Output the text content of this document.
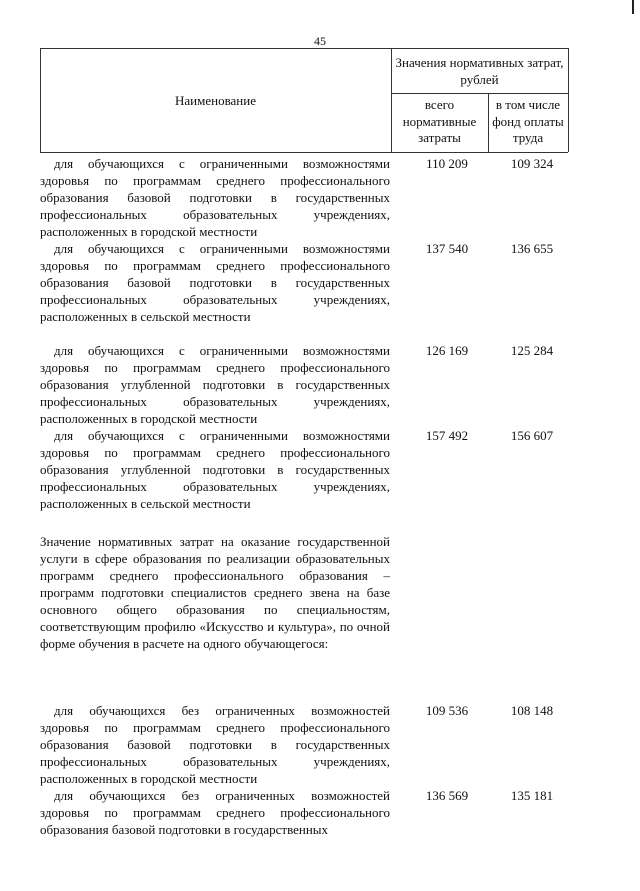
45
Наименование
Значения нормативных затрат, рублей
всего нормативные затраты
в том числе фонд оплаты труда
для обучающихся с ограниченными возможностями здоровья по программам среднего профессионального образования базовой подготовки в государственных профессиональных образовательных учреждениях, расположенных в городской местности
110 209	109 324
для обучающихся с ограниченными возможностями здоровья по программам среднего профессионального образования базовой подготовки в государственных профессиональных образовательных учреждениях, расположенных в сельской местности
137 540	136 655
для обучающихся с ограниченными возможностями здоровья по программам среднего профессионального образования углубленной подготовки в государственных профессиональных образовательных учреждениях, расположенных в городской местности
126 169	125 284
для обучающихся с ограниченными возможностями здоровья по программам среднего профессионального образования углубленной подготовки в государственных профессиональных образовательных учреждениях, расположенных в сельской местности
157 492	156 607
Значение нормативных затрат на оказание государственной услуги в сфере образования по реализации образовательных программ среднего профессионального образования – программ подготовки специалистов среднего звена на базе основного общего образования по специальностям, соответствующим профилю «Искусство и культура», по очной форме обучения в расчете на одного обучающегося:
для обучающихся без ограниченных возможностей здоровья по программам среднего профессионального образования базовой подготовки в государственных профессиональных образовательных учреждениях, расположенных в городской местности
109 536	108 148
для обучающихся без ограниченных возможностей здоровья по программам среднего профессионального образования базовой подготовки в государственных
136 569	135 181
